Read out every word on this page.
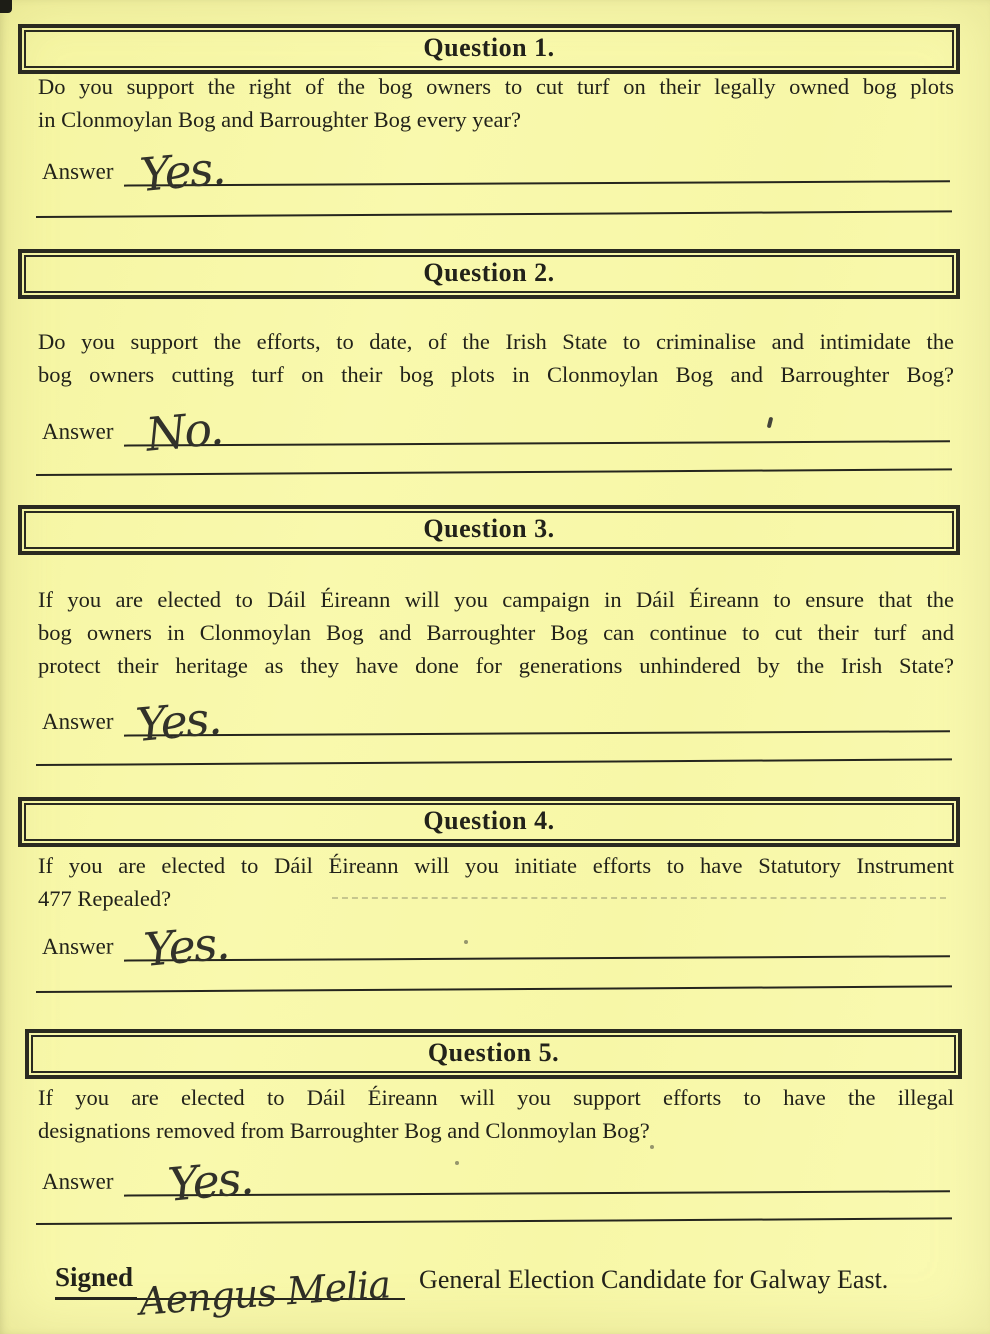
Question 1.
Do you support the right of the bog owners to cut turf on their legally owned bog plots
in Clonmoylan Bog and Barroughter Bog every year?
Answer Yes.
Question 2.
Do you support the efforts, to date, of the Irish State to criminalise and intimidate the
bog owners cutting turf on their bog plots in Clonmoylan Bog and Barroughter Bog?
Answer No.
Question 3.
If you are elected to Dáil Éireann will you campaign in Dáil Éireann to ensure that the
bog owners in Clonmoylan Bog and Barroughter Bog can continue to cut their turf and
protect their heritage as they have done for generations unhindered by the Irish State?
Answer Yes.
Question 4.
If you are elected to Dáil Éireann will you initiate efforts to have Statutory Instrument
477 Repealed?
Answer Yes.
Question 5.
If you are elected to Dáil Éireann will you support efforts to have the illegal
designations removed from Barroughter Bog and Clonmoylan Bog?
Answer Yes.
Signed Aengus Melia General Election Candidate for Galway East.
